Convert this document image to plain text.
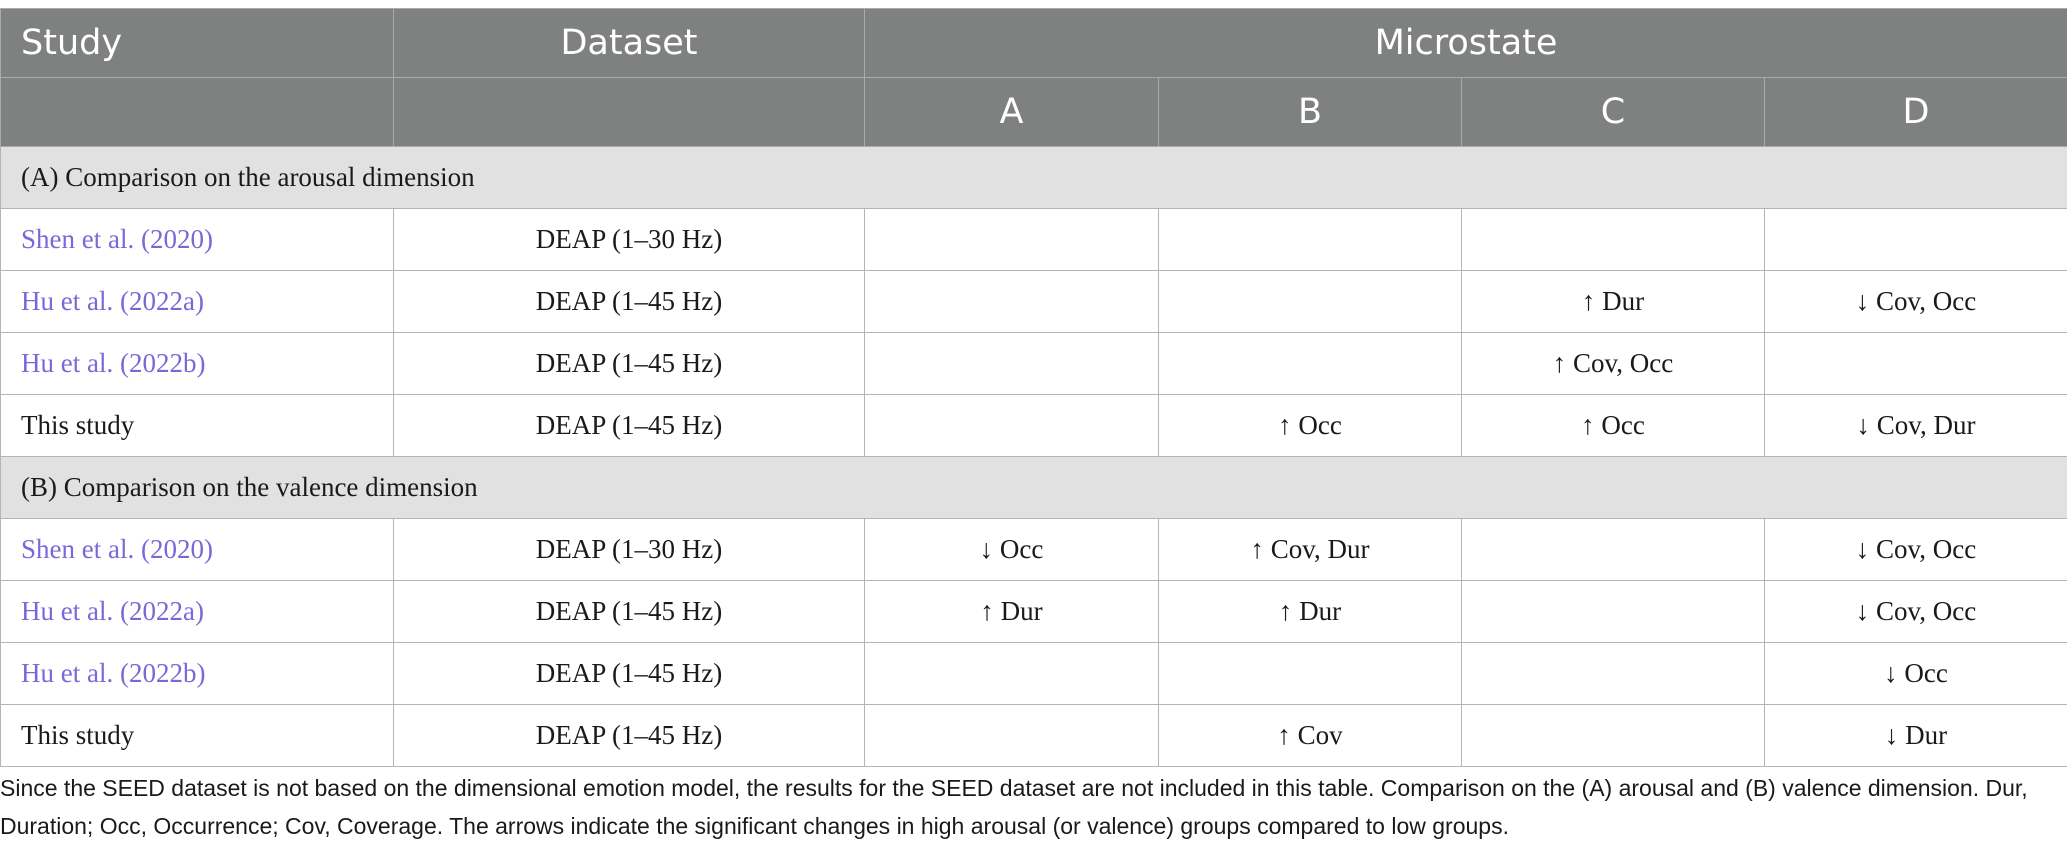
Study	Dataset	Microstate			
		A	B	C	D
(A) Comparison on the arousal dimension					
Shen et al. (2020)	DEAP (1–30 Hz)				
Hu et al. (2022a)	DEAP (1–45 Hz)			↑ Dur	↓ Cov, Occ
Hu et al. (2022b)	DEAP (1–45 Hz)			↑ Cov, Occ	
This study	DEAP (1–45 Hz)		↑ Occ	↑ Occ	↓ Cov, Dur
(B) Comparison on the valence dimension					
Shen et al. (2020)	DEAP (1–30 Hz)	↓ Occ	↑ Cov, Dur		↓ Cov, Occ
Hu et al. (2022a)	DEAP (1–45 Hz)	↑ Dur	↑ Dur		↓ Cov, Occ
Hu et al. (2022b)	DEAP (1–45 Hz)				↓ Occ
This study	DEAP (1–45 Hz)		↑ Cov		↓ Dur
Since the SEED dataset is not based on the dimensional emotion model, the results for the SEED dataset are not included in this table. Comparison on the (A) arousal and (B) valence dimension. Dur, Duration; Occ, Occurrence; Cov, Coverage. The arrows indicate the significant changes in high arousal (or valence) groups compared to low groups.
